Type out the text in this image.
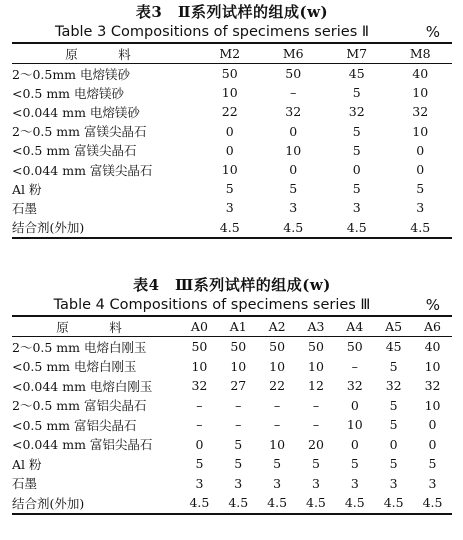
表3　Ⅱ系列试样的组成(w)
Table 3 Compositions of specimens series Ⅱ	%
原　料	M2	M6	M7	M8
2～0.5mm 电熔镁砂	50	50	45	40
<0.5 mm 电熔镁砂	10	–	5	10
<0.044 mm 电熔镁砂	22	32	32	32
2～0.5 mm 富镁尖晶石	0	0	5	10
<0.5 mm 富镁尖晶石	0	10	5	0
<0.044 mm 富镁尖晶石	10	0	0	0
Al 粉	5	5	5	5
石墨	3	3	3	3
结合剂(外加)	4.5	4.5	4.5	4.5
表4　Ⅲ系列试样的组成(w)
Table 4 Compositions of specimens series Ⅲ	%
原　料	A0	A1	A2	A3	A4	A5	A6
2～0.5 mm 电熔白刚玉	50	50	50	50	50	45	40
<0.5 mm 电熔白刚玉	10	10	10	10	–	5	10
<0.044 mm 电熔白刚玉	32	27	22	12	32	32	32
2～0.5 mm 富铝尖晶石	–	–	–	–	0	5	10
<0.5 mm 富铝尖晶石	–	–	–	–	10	5	0
<0.044 mm 富铝尖晶石	0	5	10	20	0	0	0
Al 粉	5	5	5	5	5	5	5
石墨	3	3	3	3	3	3	3
结合剂(外加)	4.5	4.5	4.5	4.5	4.5	4.5	4.5
